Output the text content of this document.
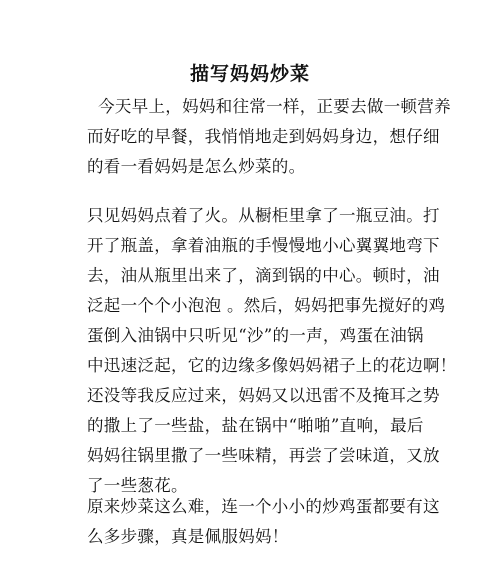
描写妈妈炒菜

今天早上，妈妈和往常一样，正要去做一顿营养
而好吃的早餐，我悄悄地走到妈妈身边，想仔细
的看一看妈妈是怎么炒菜的。

只见妈妈点着了火。从橱柜里拿了一瓶豆油。打
开了瓶盖，拿着油瓶的手慢慢地小心翼翼地弯下
去，油从瓶里出来了，滴到锅的中心。顿时，油
泛起一个个小泡泡 。然后，妈妈把事先搅好的鸡
蛋倒入油锅中只听见“沙”的一声，鸡蛋在油锅
中迅速泛起，它的边缘多像妈妈裙子上的花边啊！
还没等我反应过来，妈妈又以迅雷不及掩耳之势
的撒上了一些盐，盐在锅中“啪啪”直响，最后
妈妈往锅里撒了一些味精，再尝了尝味道，又放
了一些葱花。

原来炒菜这么难，连一个小小的炒鸡蛋都要有这
么多步骤，真是佩服妈妈！
